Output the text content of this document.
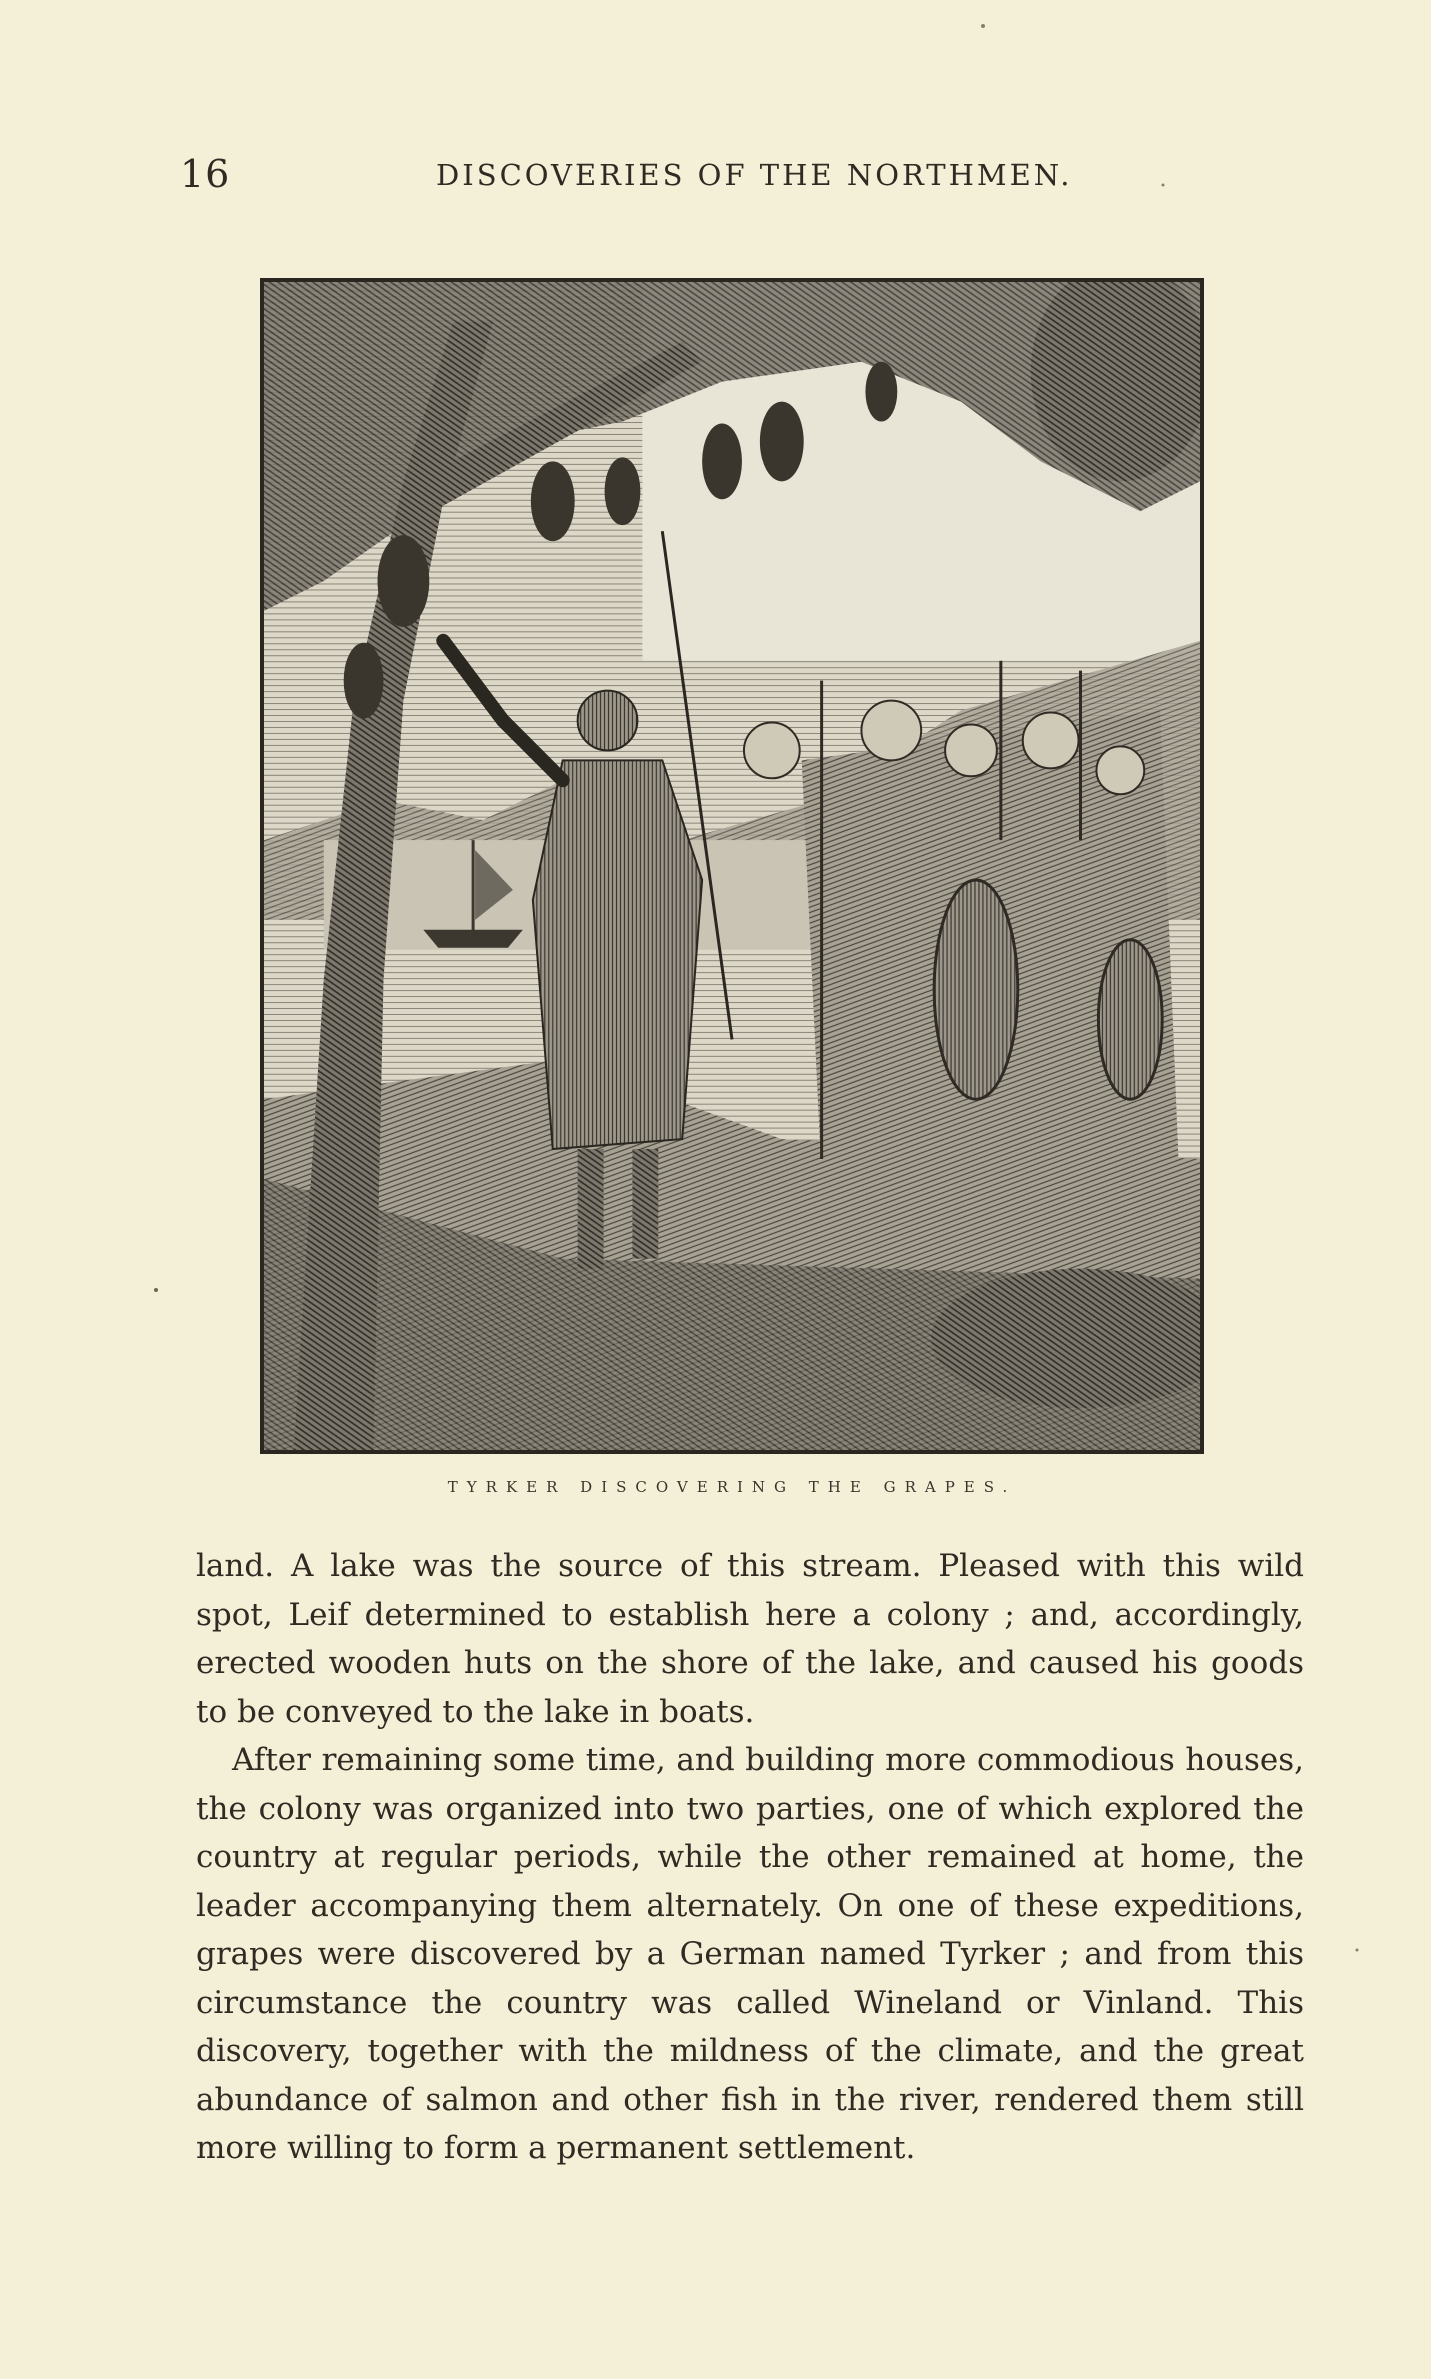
16	DISCOVERIES OF THE NORTHMEN.
TYRKER DISCOVERING THE GRAPES.

land. A lake was the source of this stream. Pleased with this wild spot, Leif determined to establish here a colony ; and, accordingly, erected wooden huts on the shore of the lake, and caused his goods to be conveyed to the lake in boats.

After remaining some time, and building more commodious houses, the colony was organized into two parties, one of which explored the country at regular periods, while the other remained at home, the leader accompanying them alternately. On one of these expeditions, grapes were discovered by a German named Tyrker ; and from this circumstance the country was called Wineland or Vinland. This discovery, together with the mildness of the climate, and the great abundance of salmon and other fish in the river, rendered them still more willing to form a permanent settlement.
